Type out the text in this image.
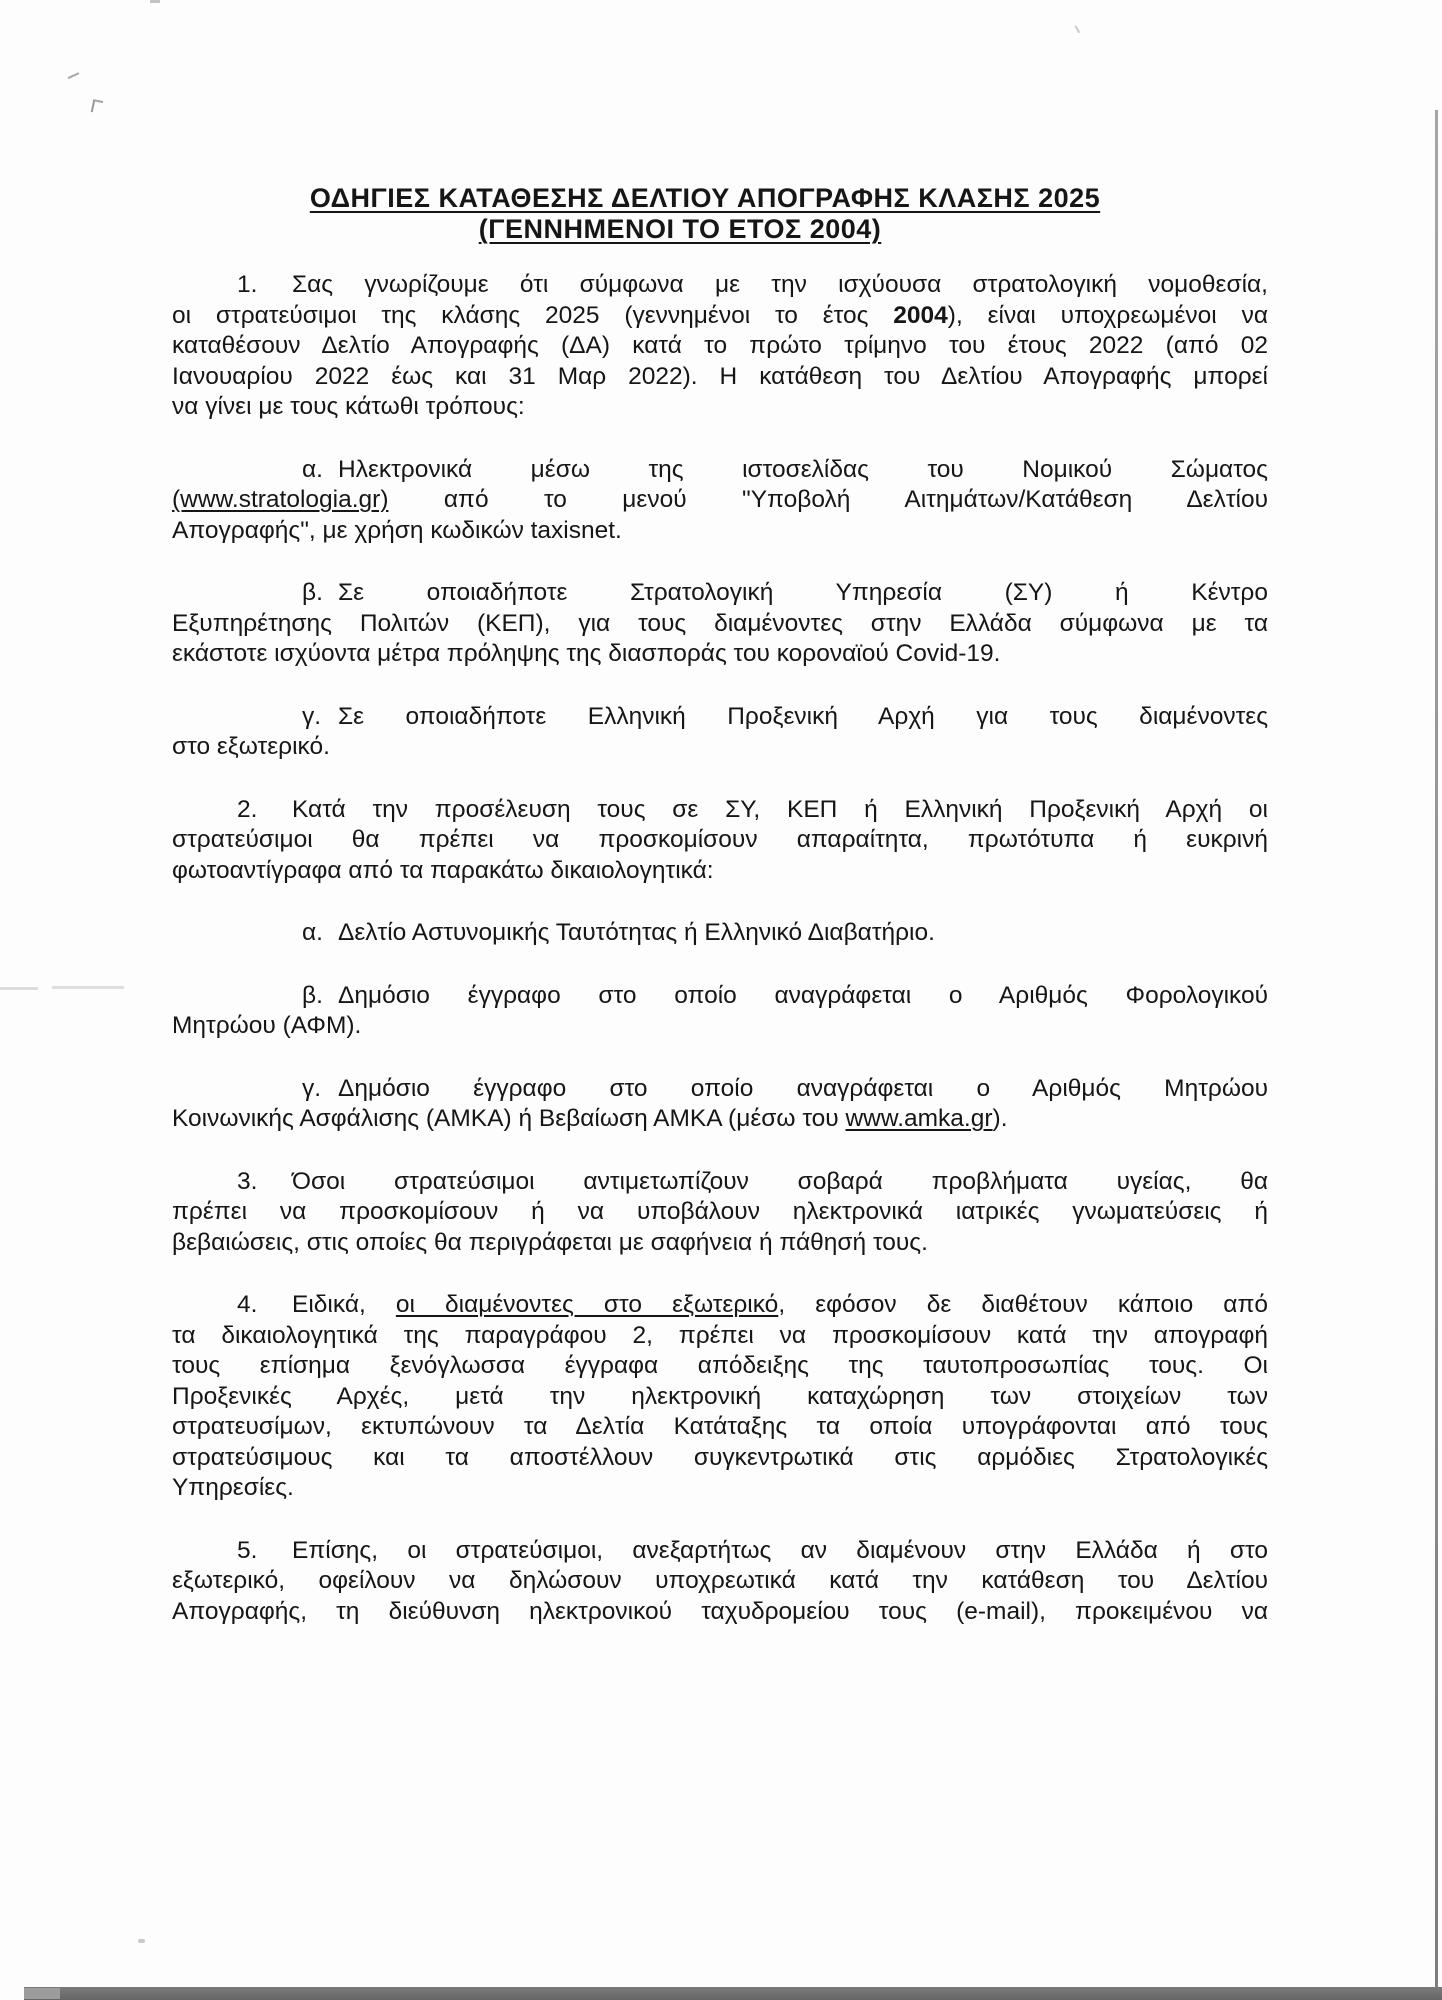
ΟΔΗΓΙΕΣ ΚΑΤΑΘΕΣΗΣ ΔΕΛΤΙΟΥ ΑΠΟΓΡΑΦΗΣ ΚΛΑΣΗΣ 2025
(ΓΕΝΝΗΜΕΝΟΙ ΤΟ ΕΤΟΣ 2004)
1. Σας γνωρίζουμε ότι σύμφωνα με την ισχύουσα στρατολογική νομοθεσία,
οι στρατεύσιμοι της κλάσης 2025 (γεννημένοι το έτος 2004), είναι υποχρεωμένοι να
καταθέσουν Δελτίο Απογραφής (ΔΑ) κατά το πρώτο τρίμηνο του έτους 2022 (από 02
Ιανουαρίου 2022 έως και 31 Μαρ 2022). Η κατάθεση του Δελτίου Απογραφής μπορεί
να γίνει με τους κάτωθι τρόπους:
α. Ηλεκτρονικά μέσω της ιστοσελίδας του Νομικού Σώματος
(www.stratologia.gr) από το μενού "Υποβολή Αιτημάτων/Κατάθεση Δελτίου
Απογραφής", με χρήση κωδικών taxisnet.
β. Σε οποιαδήποτε Στρατολογική Υπηρεσία (ΣΥ) ή Κέντρο
Εξυπηρέτησης Πολιτών (ΚΕΠ), για τους διαμένοντες στην Ελλάδα σύμφωνα με τα
εκάστοτε ισχύοντα μέτρα πρόληψης της διασποράς του κοροναϊού Covid-19.
γ. Σε οποιαδήποτε Ελληνική Προξενική Αρχή για τους διαμένοντες
στο εξωτερικό.
2. Κατά την προσέλευση τους σε ΣΥ, ΚΕΠ ή Ελληνική Προξενική Αρχή οι
στρατεύσιμοι θα πρέπει να προσκομίσουν απαραίτητα, πρωτότυπα ή ευκρινή
φωτοαντίγραφα από τα παρακάτω δικαιολογητικά:
α. Δελτίο Αστυνομικής Ταυτότητας ή Ελληνικό Διαβατήριο.
β. Δημόσιο έγγραφο στο οποίο αναγράφεται ο Αριθμός Φορολογικού
Μητρώου (ΑΦΜ).
γ. Δημόσιο έγγραφο στο οποίο αναγράφεται ο Αριθμός Μητρώου
Κοινωνικής Ασφάλισης (ΑΜΚΑ) ή Βεβαίωση ΑΜΚΑ (μέσω του www.amka.gr).
3. Όσοι στρατεύσιμοι αντιμετωπίζουν σοβαρά προβλήματα υγείας, θα
πρέπει να προσκομίσουν ή να υποβάλουν ηλεκτρονικά ιατρικές γνωματεύσεις ή
βεβαιώσεις, στις οποίες θα περιγράφεται με σαφήνεια ή πάθησή τους.
4. Ειδικά, οι διαμένοντες στο εξωτερικό, εφόσον δε διαθέτουν κάποιο από
τα δικαιολογητικά της παραγράφου 2, πρέπει να προσκομίσουν κατά την απογραφή
τους επίσημα ξενόγλωσσα έγγραφα απόδειξης της ταυτοπροσωπίας τους. Οι
Προξενικές Αρχές, μετά την ηλεκτρονική καταχώρηση των στοιχείων των
στρατευσίμων, εκτυπώνουν τα Δελτία Κατάταξης τα οποία υπογράφονται από τους
στρατεύσιμους και τα αποστέλλουν συγκεντρωτικά στις αρμόδιες Στρατολογικές
Υπηρεσίες.
5. Επίσης, οι στρατεύσιμοι, ανεξαρτήτως αν διαμένουν στην Ελλάδα ή στο
εξωτερικό, οφείλουν να δηλώσουν υποχρεωτικά κατά την κατάθεση του Δελτίου
Απογραφής, τη διεύθυνση ηλεκτρονικού ταχυδρομείου τους (e-mail), προκειμένου να
